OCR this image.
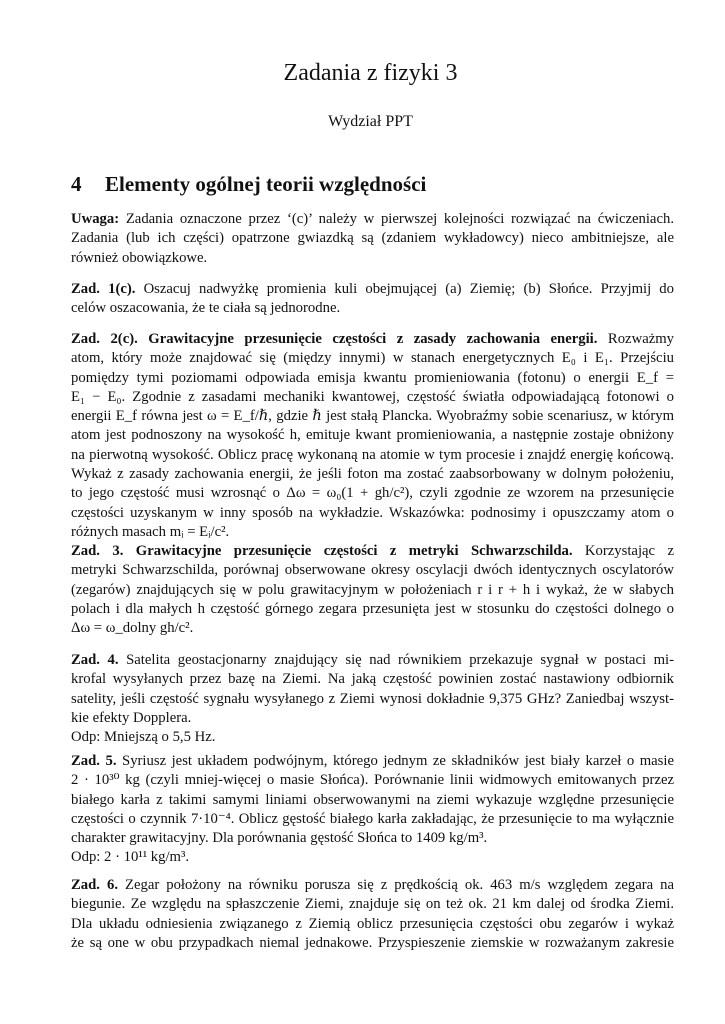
Zadania z fizyki 3
Wydział PPT
4 Elementy ogólnej teorii względności
Uwaga: Zadania oznaczone przez ‘(c)’ należy w pierwszej kolejności rozwiązać na ćwiczeniach.
Zadania (lub ich części) opatrzone gwiazdką są (zdaniem wykładowcy) nieco ambitniejsze, ale
również obowiązkowe.
Zad. 1(c). Oszacuj nadwyżkę promienia kuli obejmującej (a) Ziemię; (b) Słońce. Przyjmij do
celów oszacowania, że te ciała są jednorodne.
Zad. 2(c). Grawitacyjne przesunięcie częstości z zasady zachowania energii. Rozważmy
atom, który może znajdować się (między innymi) w stanach energetycznych E₀ i E₁. Przejściu
pomiędzy tymi poziomami odpowiada emisja kwantu promieniowania (fotonu) o energii E_f =
E₁ − E₀. Zgodnie z zasadami mechaniki kwantowej, częstość światła odpowiadającą fotonowi o
energii E_f równa jest ω = E_f/ℏ, gdzie ℏ jest stałą Plancka. Wyobraźmy sobie scenariusz, w którym
atom jest podnoszony na wysokość h, emituje kwant promieniowania, a następnie zostaje obniżony
na pierwotną wysokość. Oblicz pracę wykonaną na atomie w tym procesie i znajdź energię końcową.
Wykaż z zasady zachowania energii, że jeśli foton ma zostać zaabsorbowany w dolnym położeniu,
to jego częstość musi wzrosnąć o Δω = ω₀(1 + gh/c²), czyli zgodnie ze wzorem na przesunięcie
częstości uzyskanym w inny sposób na wykładzie. Wskazówka: podnosimy i opuszczamy atom o
różnych masach mᵢ = Eᵢ/c².
Zad. 3. Grawitacyjne przesunięcie częstości z metryki Schwarzschilda. Korzystając z
metryki Schwarzschilda, porównaj obserwowane okresy oscylacji dwóch identycznych oscylatorów
(zegarów) znajdujących się w polu grawitacyjnym w położeniach r i r + h i wykaż, że w słabych
polach i dla małych h częstość górnego zegara przesunięta jest w stosunku do częstości dolnego o
Δω = ω_dolny gh/c².
Zad. 4. Satelita geostacjonarny znajdujący się nad równikiem przekazuje sygnał w postaci mi-
krofal wysyłanych przez bazę na Ziemi. Na jaką częstość powinien zostać nastawiony odbiornik
satelity, jeśli częstość sygnału wysyłanego z Ziemi wynosi dokładnie 9,375 GHz? Zaniedbaj wszyst-
kie efekty Dopplera.
Odp: Mniejszą o 5,5 Hz.
Zad. 5. Syriusz jest układem podwójnym, którego jednym ze składników jest biały karzeł o masie
2 · 10³⁰ kg (czyli mniej-więcej o masie Słońca). Porównanie linii widmowych emitowanych przez
białego karła z takimi samymi liniami obserwowanymi na ziemi wykazuje względne przesunięcie
częstości o czynnik 7·10⁻⁴. Oblicz gęstość białego karła zakładając, że przesunięcie to ma wyłącznie
charakter grawitacyjny. Dla porównania gęstość Słońca to 1409 kg/m³.
Odp: 2 · 10¹¹ kg/m³.
Zad. 6. Zegar położony na równiku porusza się z prędkością ok. 463 m/s względem zegara na
biegunie. Ze względu na spłaszczenie Ziemi, znajduje się on też ok. 21 km dalej od środka Ziemi.
Dla układu odniesienia związanego z Ziemią oblicz przesunięcia częstości obu zegarów i wykaż
że są one w obu przypadkach niemal jednakowe. Przyspieszenie ziemskie w rozważanym zakresie
